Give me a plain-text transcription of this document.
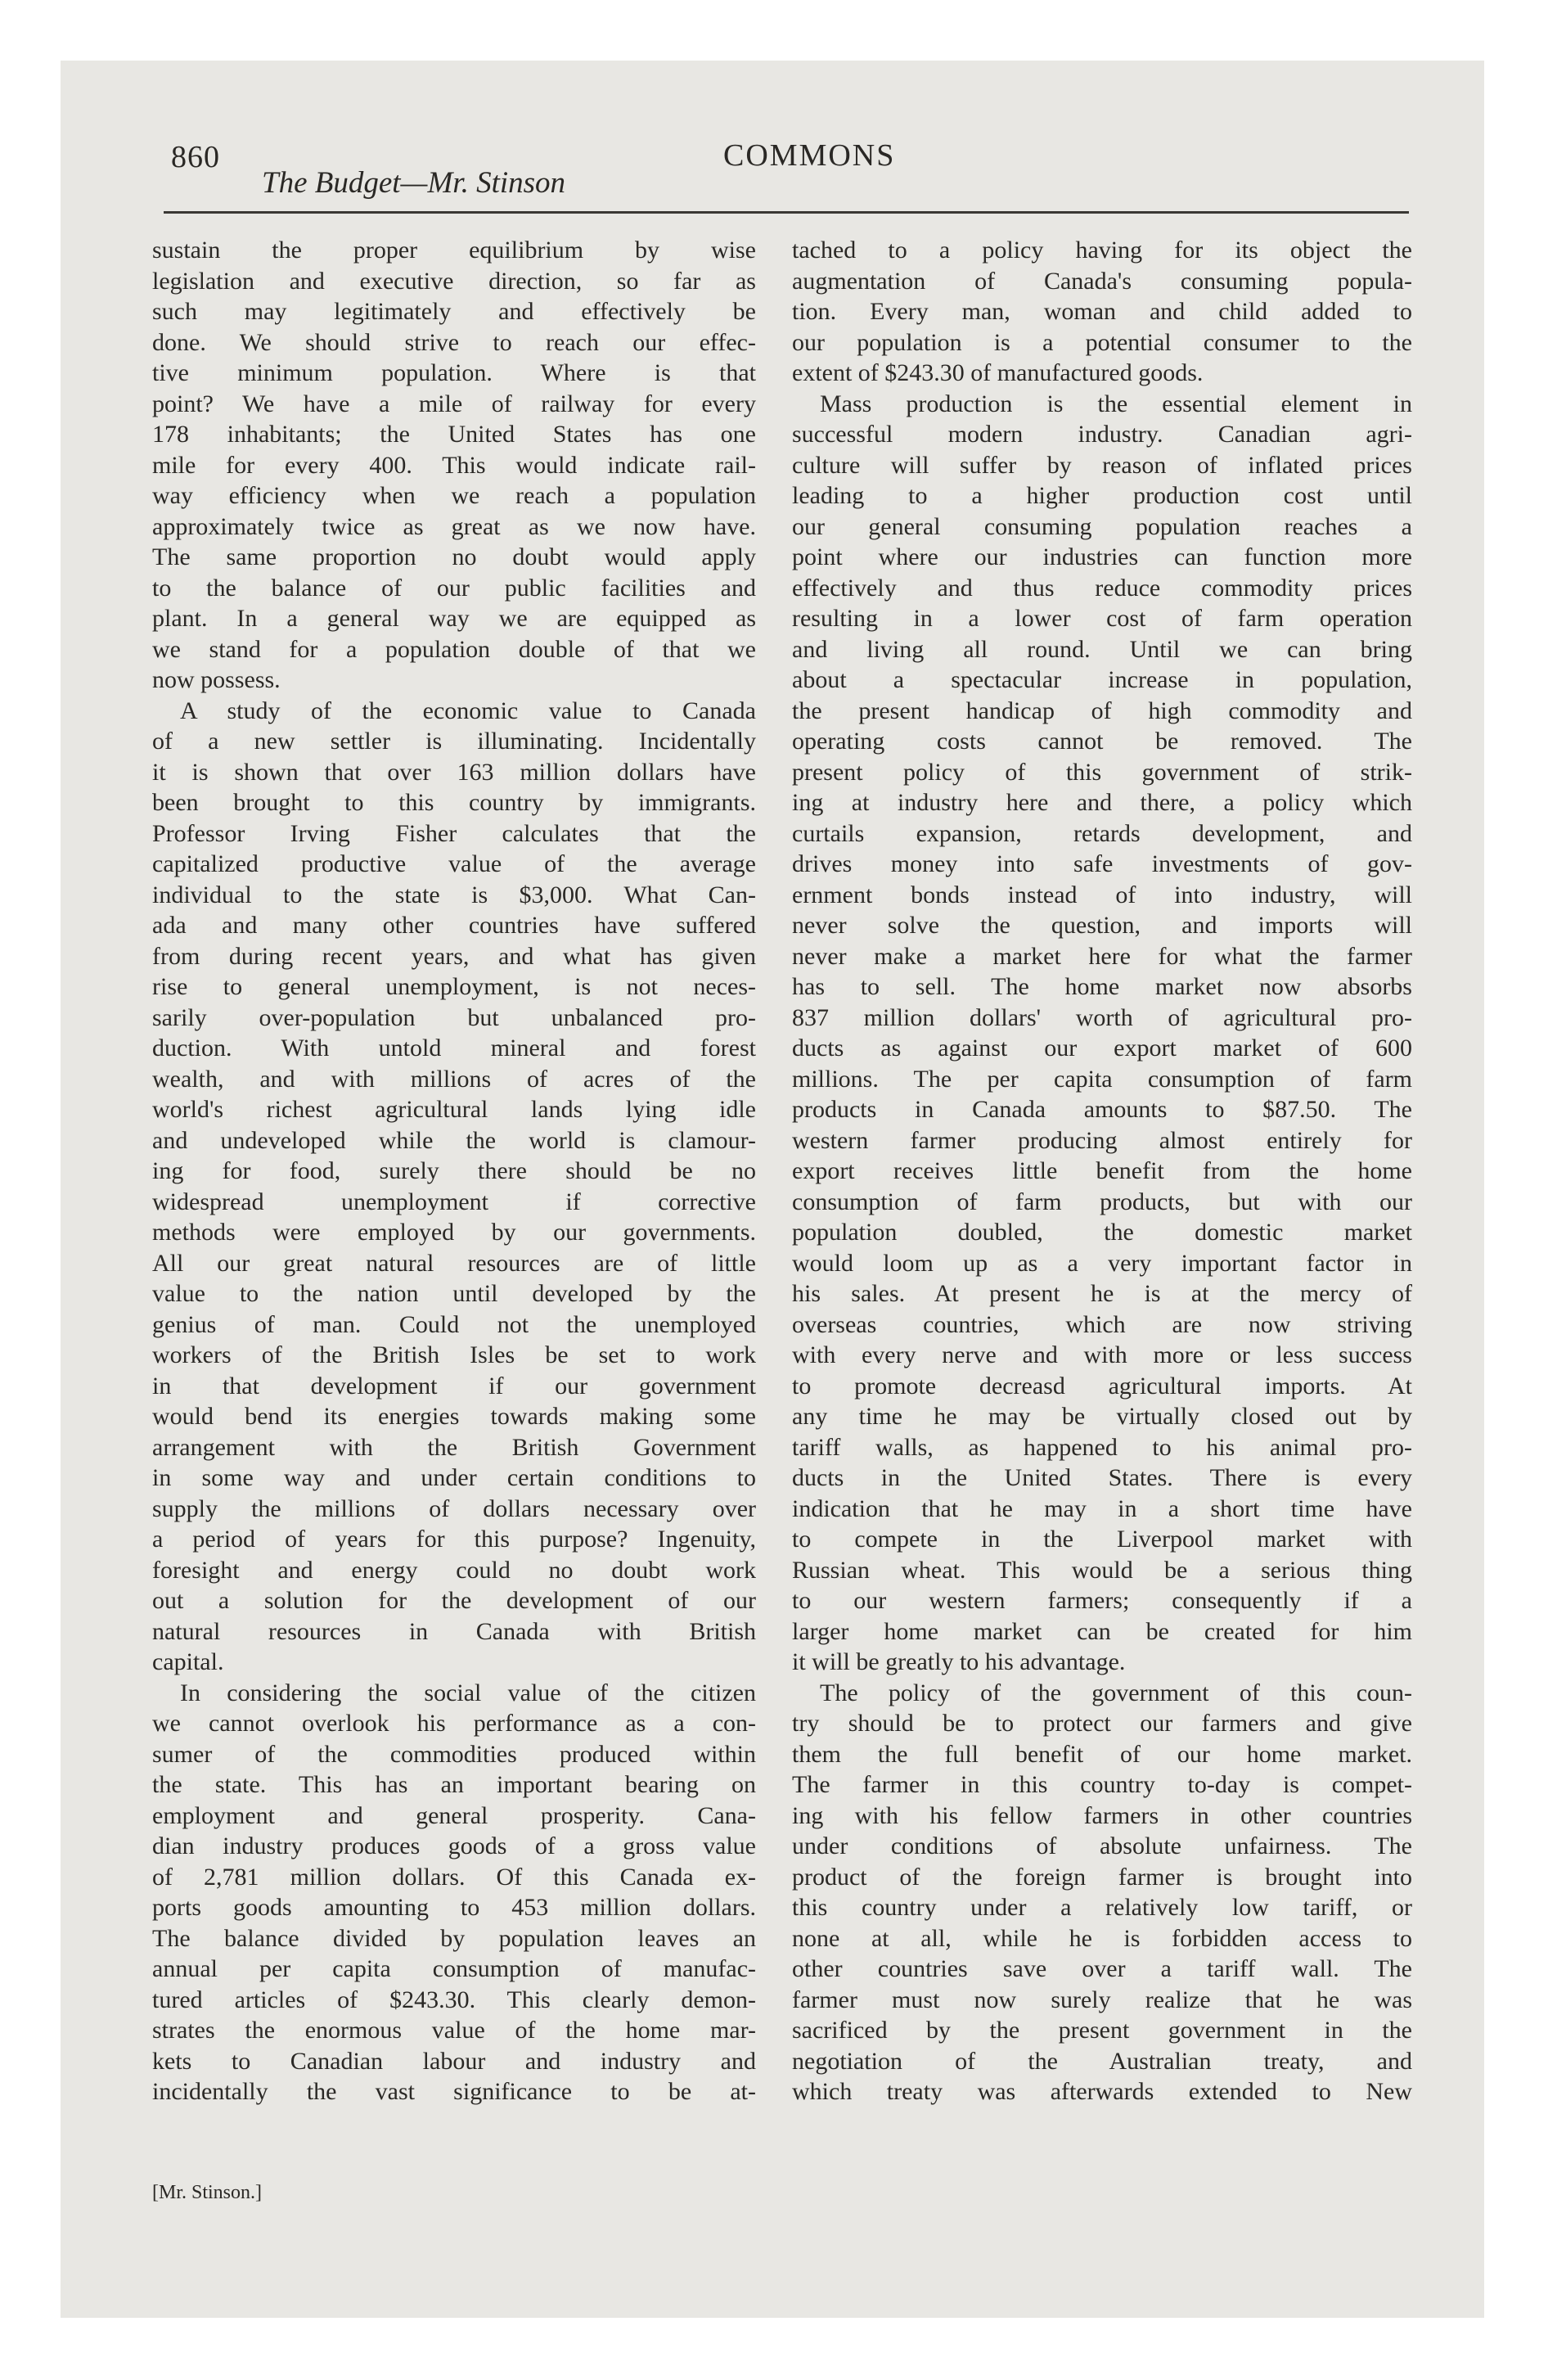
860	COMMONS
The Budget—Mr. Stinson
sustain the proper equilibrium by wise
legislation and executive direction, so far as
such may legitimately and effectively be
done. We should strive to reach our effec-
tive minimum population. Where is that
point? We have a mile of railway for every
178 inhabitants; the United States has one
mile for every 400. This would indicate rail-
way efficiency when we reach a population
approximately twice as great as we now have.
The same proportion no doubt would apply
to the balance of our public facilities and
plant. In a general way we are equipped as
we stand for a population double of that we
now possess.
A study of the economic value to Canada
of a new settler is illuminating. Incidentally
it is shown that over 163 million dollars have
been brought to this country by immigrants.
Professor Irving Fisher calculates that the
capitalized productive value of the average
individual to the state is $3,000. What Can-
ada and many other countries have suffered
from during recent years, and what has given
rise to general unemployment, is not neces-
sarily over-population but unbalanced pro-
duction. With untold mineral and forest
wealth, and with millions of acres of the
world's richest agricultural lands lying idle
and undeveloped while the world is clamour-
ing for food, surely there should be no
widespread unemployment if corrective
methods were employed by our governments.
All our great natural resources are of little
value to the nation until developed by the
genius of man. Could not the unemployed
workers of the British Isles be set to work
in that development if our government
would bend its energies towards making some
arrangement with the British Government
in some way and under certain conditions to
supply the millions of dollars necessary over
a period of years for this purpose? Ingenuity,
foresight and energy could no doubt work
out a solution for the development of our
natural resources in Canada with British
capital.
In considering the social value of the citizen
we cannot overlook his performance as a con-
sumer of the commodities produced within
the state. This has an important bearing on
employment and general prosperity. Cana-
dian industry produces goods of a gross value
of 2,781 million dollars. Of this Canada ex-
ports goods amounting to 453 million dollars.
The balance divided by population leaves an
annual per capita consumption of manufac-
tured articles of $243.30. This clearly demon-
strates the enormous value of the home mar-
kets to Canadian labour and industry and
incidentally the vast significance to be at-
tached to a policy having for its object the
augmentation of Canada's consuming popula-
tion. Every man, woman and child added to
our population is a potential consumer to the
extent of $243.30 of manufactured goods.
Mass production is the essential element in
successful modern industry. Canadian agri-
culture will suffer by reason of inflated prices
leading to a higher production cost until
our general consuming population reaches a
point where our industries can function more
effectively and thus reduce commodity prices
resulting in a lower cost of farm operation
and living all round. Until we can bring
about a spectacular increase in population,
the present handicap of high commodity and
operating costs cannot be removed. The
present policy of this government of strik-
ing at industry here and there, a policy which
curtails expansion, retards development, and
drives money into safe investments of gov-
ernment bonds instead of into industry, will
never solve the question, and imports will
never make a market here for what the farmer
has to sell. The home market now absorbs
837 million dollars' worth of agricultural pro-
ducts as against our export market of 600
millions. The per capita consumption of farm
products in Canada amounts to $87.50. The
western farmer producing almost entirely for
export receives little benefit from the home
consumption of farm products, but with our
population doubled, the domestic market
would loom up as a very important factor in
his sales. At present he is at the mercy of
overseas countries, which are now striving
with every nerve and with more or less success
to promote decreasd agricultural imports. At
any time he may be virtually closed out by
tariff walls, as happened to his animal pro-
ducts in the United States. There is every
indication that he may in a short time have
to compete in the Liverpool market with
Russian wheat. This would be a serious thing
to our western farmers; consequently if a
larger home market can be created for him
it will be greatly to his advantage.
The policy of the government of this coun-
try should be to protect our farmers and give
them the full benefit of our home market.
The farmer in this country to-day is compet-
ing with his fellow farmers in other countries
under conditions of absolute unfairness. The
product of the foreign farmer is brought into
this country under a relatively low tariff, or
none at all, while he is forbidden access to
other countries save over a tariff wall. The
farmer must now surely realize that he was
sacrificed by the present government in the
negotiation of the Australian treaty, and
which treaty was afterwards extended to New
[Mr. Stinson.]
